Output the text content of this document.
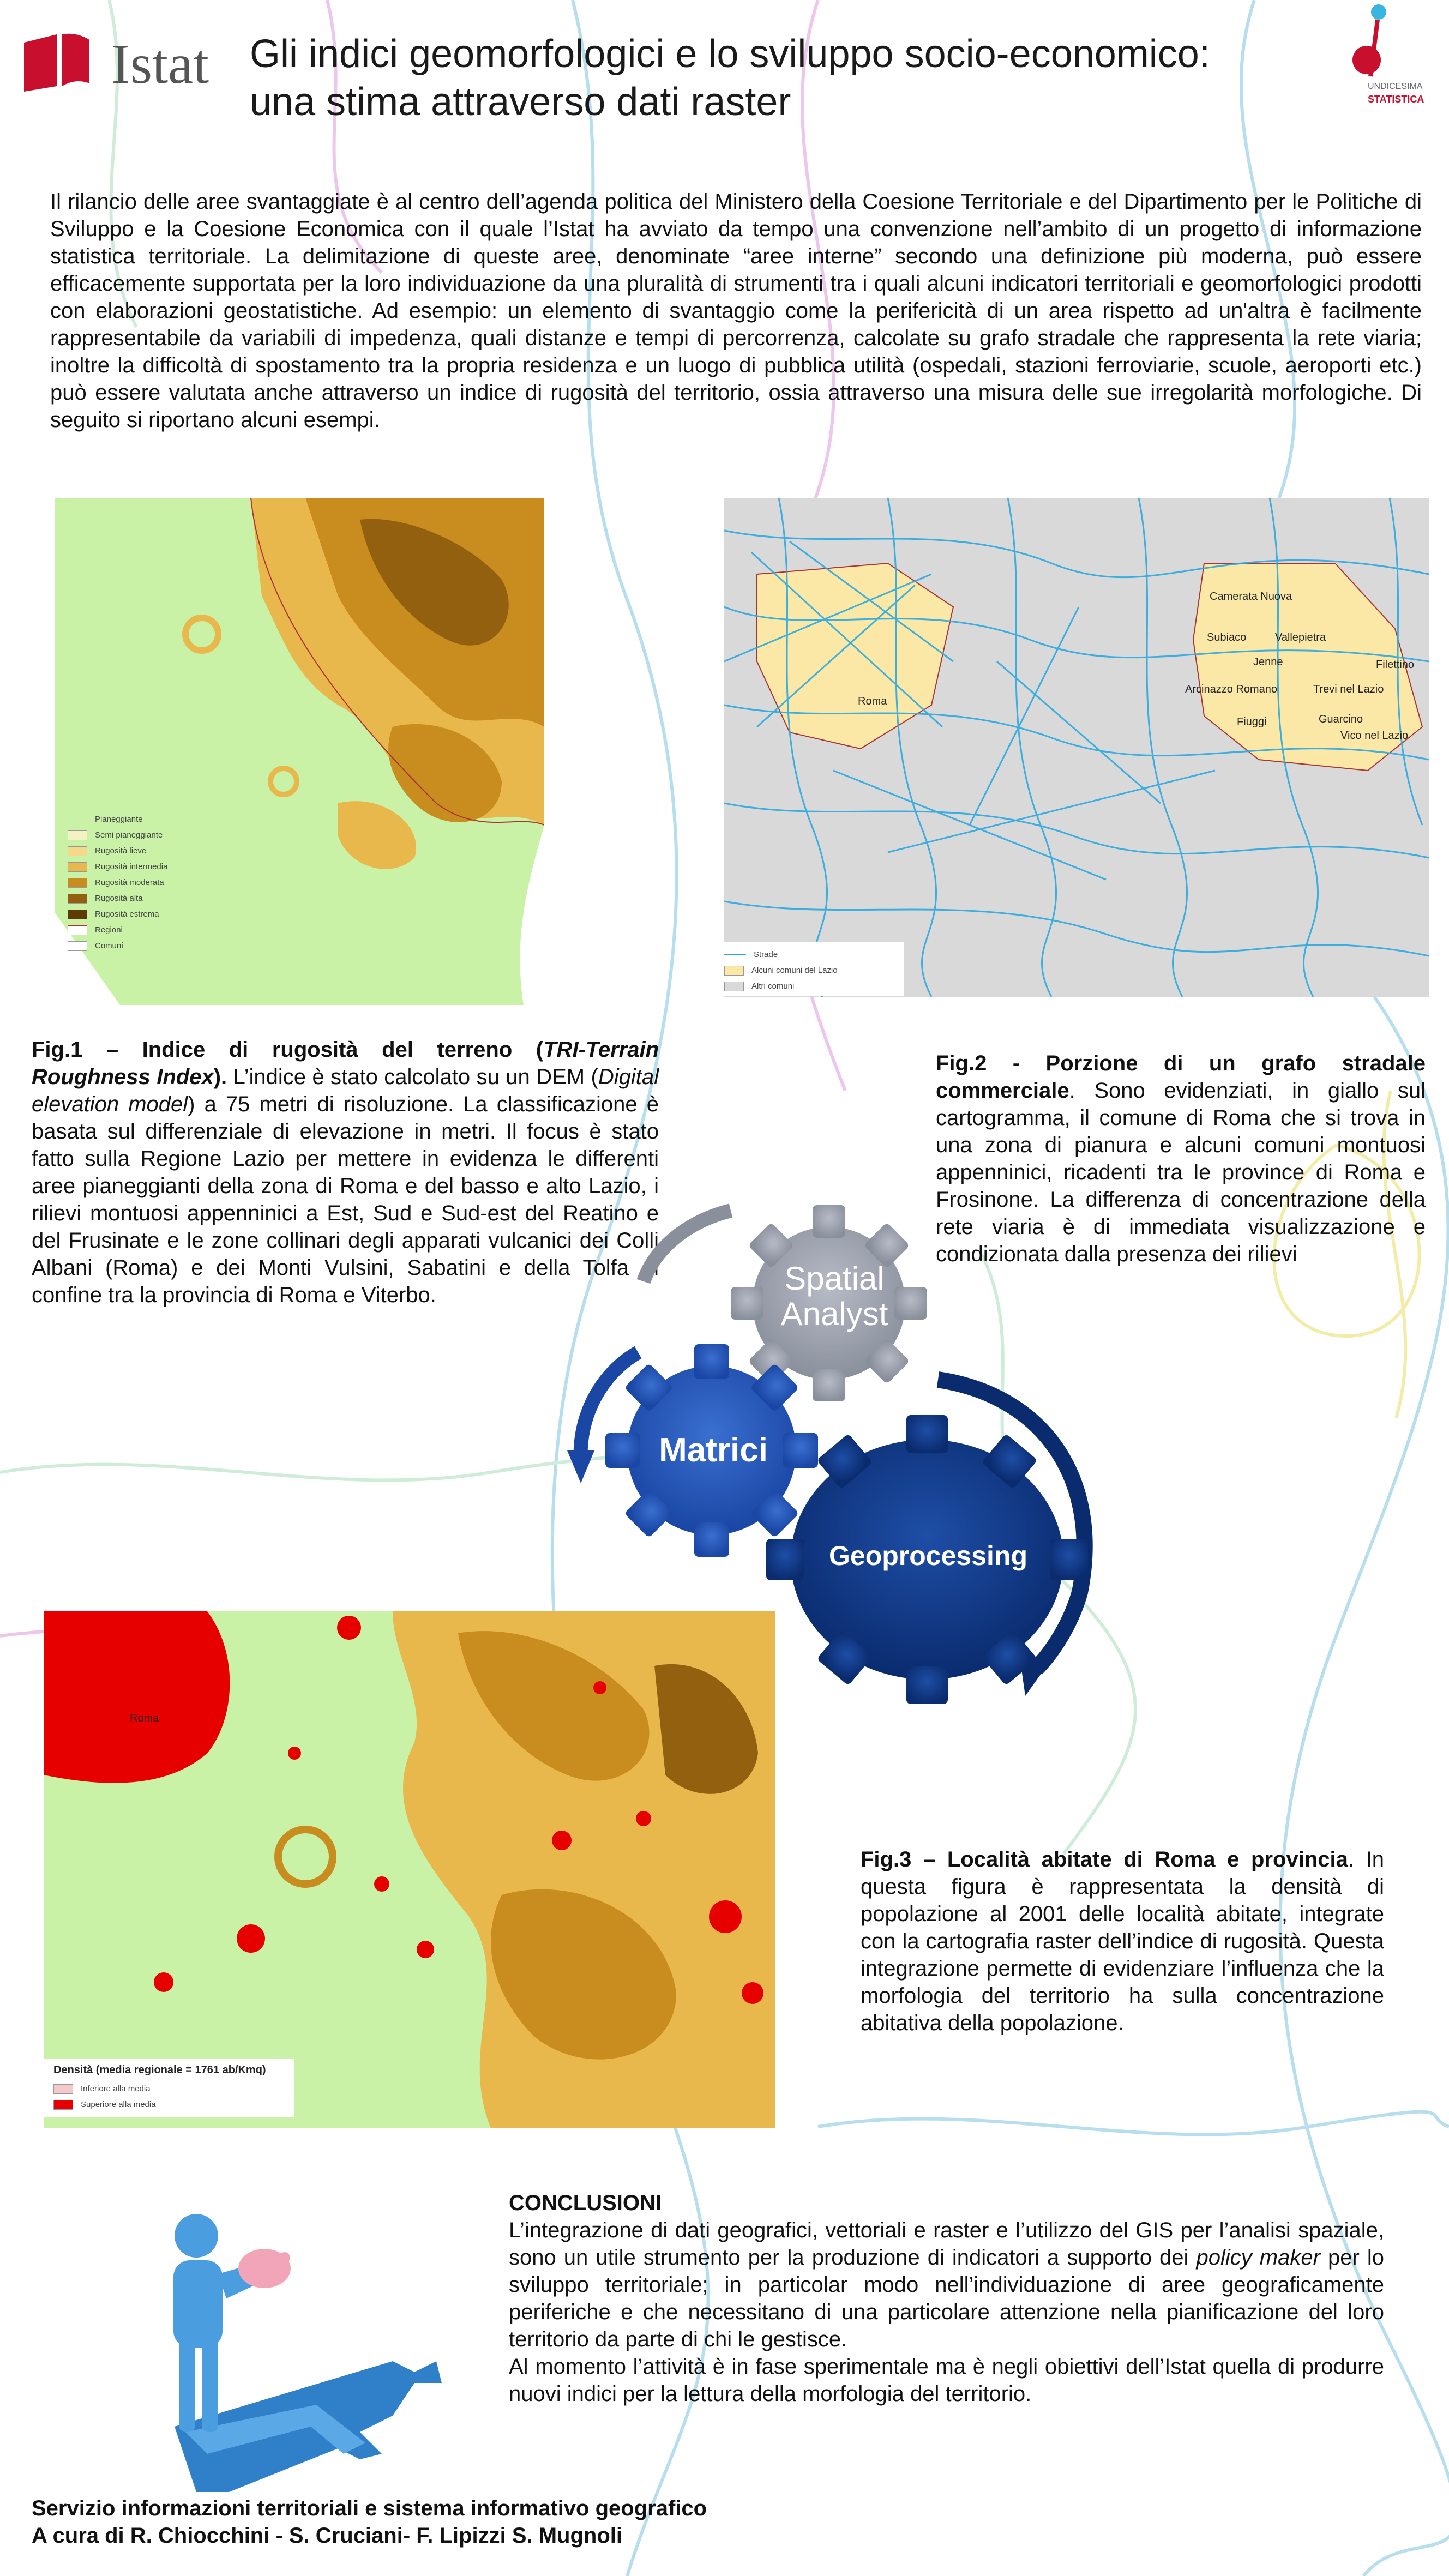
Istat Gli indici geomorfologici e lo sviluppo socio-economico:
una stima attraverso dati raster	UNDICESIMA
STATISTICA
Il rilancio delle aree svantaggiate è al centro dell’agenda politica del Ministero della Coesione Territoriale e del Dipartimento per le Politiche di Sviluppo e la Coesione Economica con il quale l’Istat ha avviato da tempo una convenzione nell’ambito di un progetto di informazione statistica territoriale. La delimitazione di queste aree, denominate “aree interne” secondo una definizione più moderna, può essere efficacemente supportata per la loro individuazione da una pluralità di strumenti tra i quali alcuni indicatori territoriali e geomorfologici prodotti con elaborazioni geostatistiche. Ad esempio: un elemento di svantaggio come la perifericità di un area rispetto ad un'altra è facilmente rappresentabile da variabili di impedenza, quali distanze e tempi di percorrenza, calcolate su grafo stradale che rappresenta la rete viaria; inoltre la difficoltà di spostamento tra la propria residenza e un luogo di pubblica utilità (ospedali, stazioni ferroviarie, scuole, aeroporti etc.) può essere valutata anche attraverso un indice di rugosità del territorio, ossia attraverso una misura delle sue irregolarità morfologiche. Di seguito si riportano alcuni esempi.
Pianeggiante
Semi pianeggiante
Rugosità lieve
Rugosità intermedia
Rugosità moderata
Rugosità alta
Rugosità estrema
Regioni
Comuni
Roma
Camerata Nuova
Subiaco	Vallepietra
Filettino
Trevi nel Lazio
Jenne
Arcinazzo Romano
Guarcino
Vico nel Lazio
Fiuggi
Strade
Alcuni comuni del Lazio
Altri comuni
Fig.1 – Indice di rugosità del terreno (TRI-Terrain Roughness Index). L’indice è stato calcolato su un DEM (Digital elevation model) a 75 metri di risoluzione. La classificazione è basata sul differenziale di elevazione in metri. Il focus è stato fatto sulla Regione Lazio per mettere in evidenza le differenti aree pianeggianti della zona di Roma e del basso e alto Lazio, i rilievi montuosi appenninici a Est, Sud e Sud-est del Reatino e del Frusinate e le zone collinari degli apparati vulcanici dei Colli Albani (Roma) e dei Monti Vulsini, Sabatini e della Tolfa al confine tra la provincia di Roma e Viterbo.
Fig.2 - Porzione di un grafo stradale commerciale. Sono evidenziati, in giallo sul cartogramma, il comune di Roma che si trova in una zona di pianura e alcuni comuni montuosi appenninici, ricadenti tra le province di Roma e Frosinone. La differenza di concentrazione della rete viaria è di immediata visualizzazione e condizionata dalla presenza dei rilievi
Spatial
Analyst
Matrici
Geoprocessing
Roma
Densità (media regionale = 1761 ab/Kmq)
Inferiore alla media
Superiore alla media
Fig.3 – Località abitate di Roma e provincia. In questa figura è rappresentata la densità di popolazione al 2001 delle località abitate, integrate con la cartografia raster dell’indice di rugosità. Questa integrazione permette di evidenziare l’influenza che la morfologia del territorio ha sulla concentrazione abitativa della popolazione.
CONCLUSIONI
L’integrazione di dati geografici, vettoriali e raster e l’utilizzo del GIS per l’analisi spaziale, sono un utile strumento per la produzione di indicatori a supporto dei policy maker per lo sviluppo territoriale; in particolar modo nell’individuazione di aree geograficamente periferiche e che necessitano di una particolare attenzione nella pianificazione del loro territorio da parte di chi le gestisce.
Al momento l’attività è in fase sperimentale ma è negli obiettivi dell’Istat quella di produrre nuovi indici per la lettura della morfologia del territorio.
Servizio informazioni territoriali e sistema informativo geografico
A cura di R. Chiocchini - S. Cruciani- F. Lipizzi S. Mugnoli
